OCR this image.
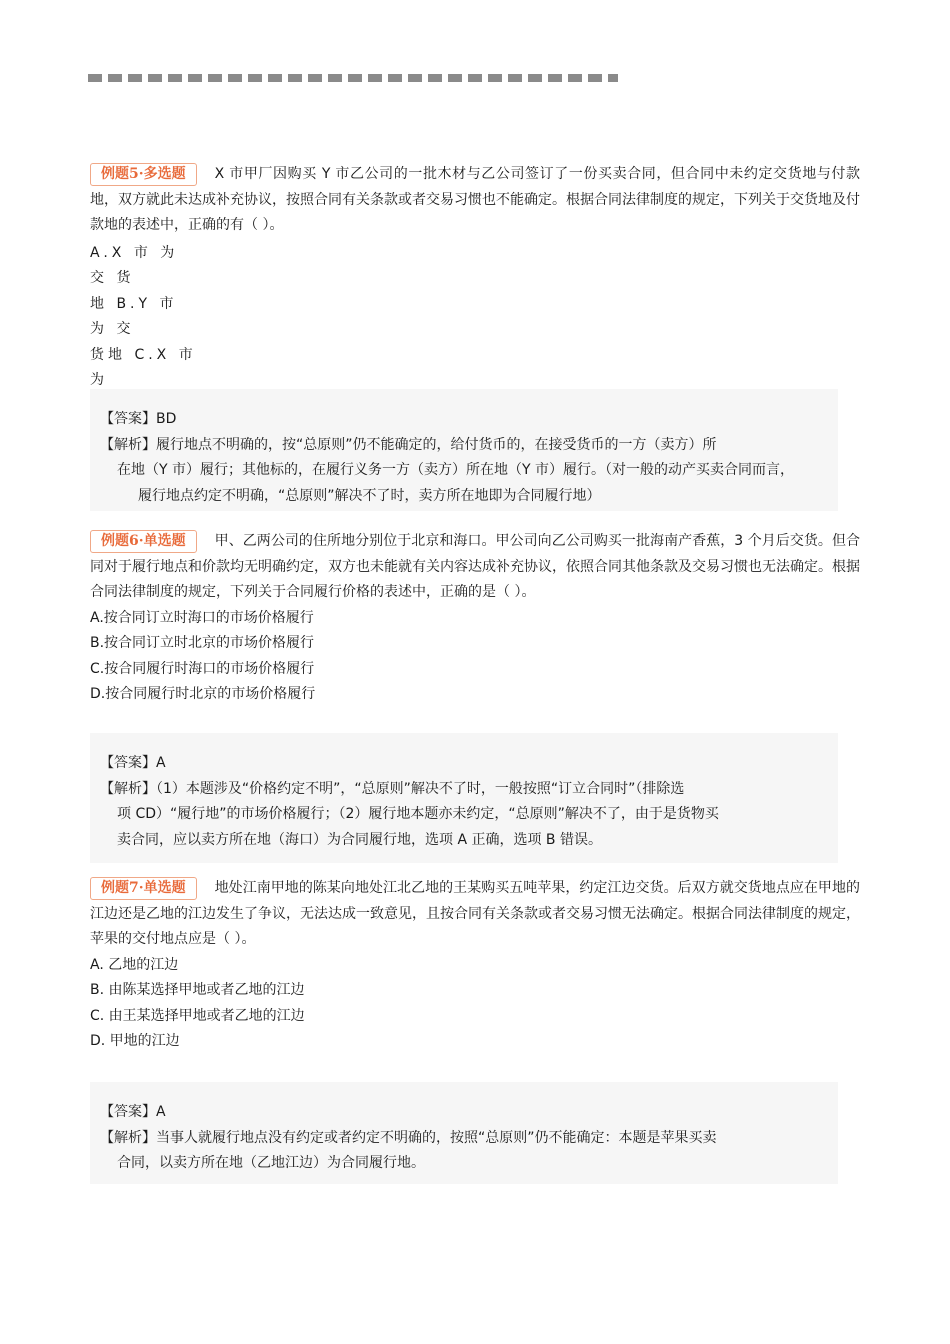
例题5·多选题 X 市甲厂因购买 Y 市乙公司的一批木材与乙公司签订了一份买卖合同，但合同中未约定交货地与付款地，双方就此未达成补充协议，按照合同有关条款或者交易习惯也不能确定。根据合同法律制度的规定，下列关于交货地及付款地的表述中，正确的有（ ）。

A.X 市 为 交 货
地 B.Y 市 为 交
货地 C.X 市 为

【答案】BD

【解析】履行地点不明确的，按“总原则”仍不能确定的，给付货币的，在接受货币的一方（卖方）所
在地（Y 市）履行；其他标的，在履行义务一方（卖方）所在地（Y 市）履行。（对一般的动产买卖合同而言，
履行地点约定不明确，“总原则”解决不了时，卖方所在地即为合同履行地）

例题6·单选题 甲、乙两公司的住所地分别位于北京和海口。甲公司向乙公司购买一批海南产香蕉，3 个月后交货。但合同对于履行地点和价款均无明确约定，双方也未能就有关内容达成补充协议，依照合同其他条款及交易习惯也无法确定。根据合同法律制度的规定，下列关于合同履行价格的表述中，正确的是（ ）。

A.按合同订立时海口的市场价格履行

B.按合同订立时北京的市场价格履行

C.按合同履行时海口的市场价格履行

D.按合同履行时北京的市场价格履行

【答案】A

【解析】（1）本题涉及“价格约定不明”，“总原则”解决不了时，一般按照“订立合同时”（排除选
项 CD）“履行地”的市场价格履行；（2）履行地本题亦未约定，“总原则”解决不了，由于是货物买
卖合同，应以卖方所在地（海口）为合同履行地，选项 A 正确，选项 B 错误。

例题7·单选题 地处江南甲地的陈某向地处江北乙地的王某购买五吨苹果，约定江边交货。后双方就交货地点应在甲地的江边还是乙地的江边发生了争议，无法达成一致意见，且按合同有关条款或者交易习惯无法确定。根据合同法律制度的规定，苹果的交付地点应是（ ）。

A. 乙地的江边

B. 由陈某选择甲地或者乙地的江边

C. 由王某选择甲地或者乙地的江边

D. 甲地的江边

【答案】A

【解析】当事人就履行地点没有约定或者约定不明确的，按照“总原则”仍不能确定：本题是苹果买卖
合同，以卖方所在地（乙地江边）为合同履行地。
